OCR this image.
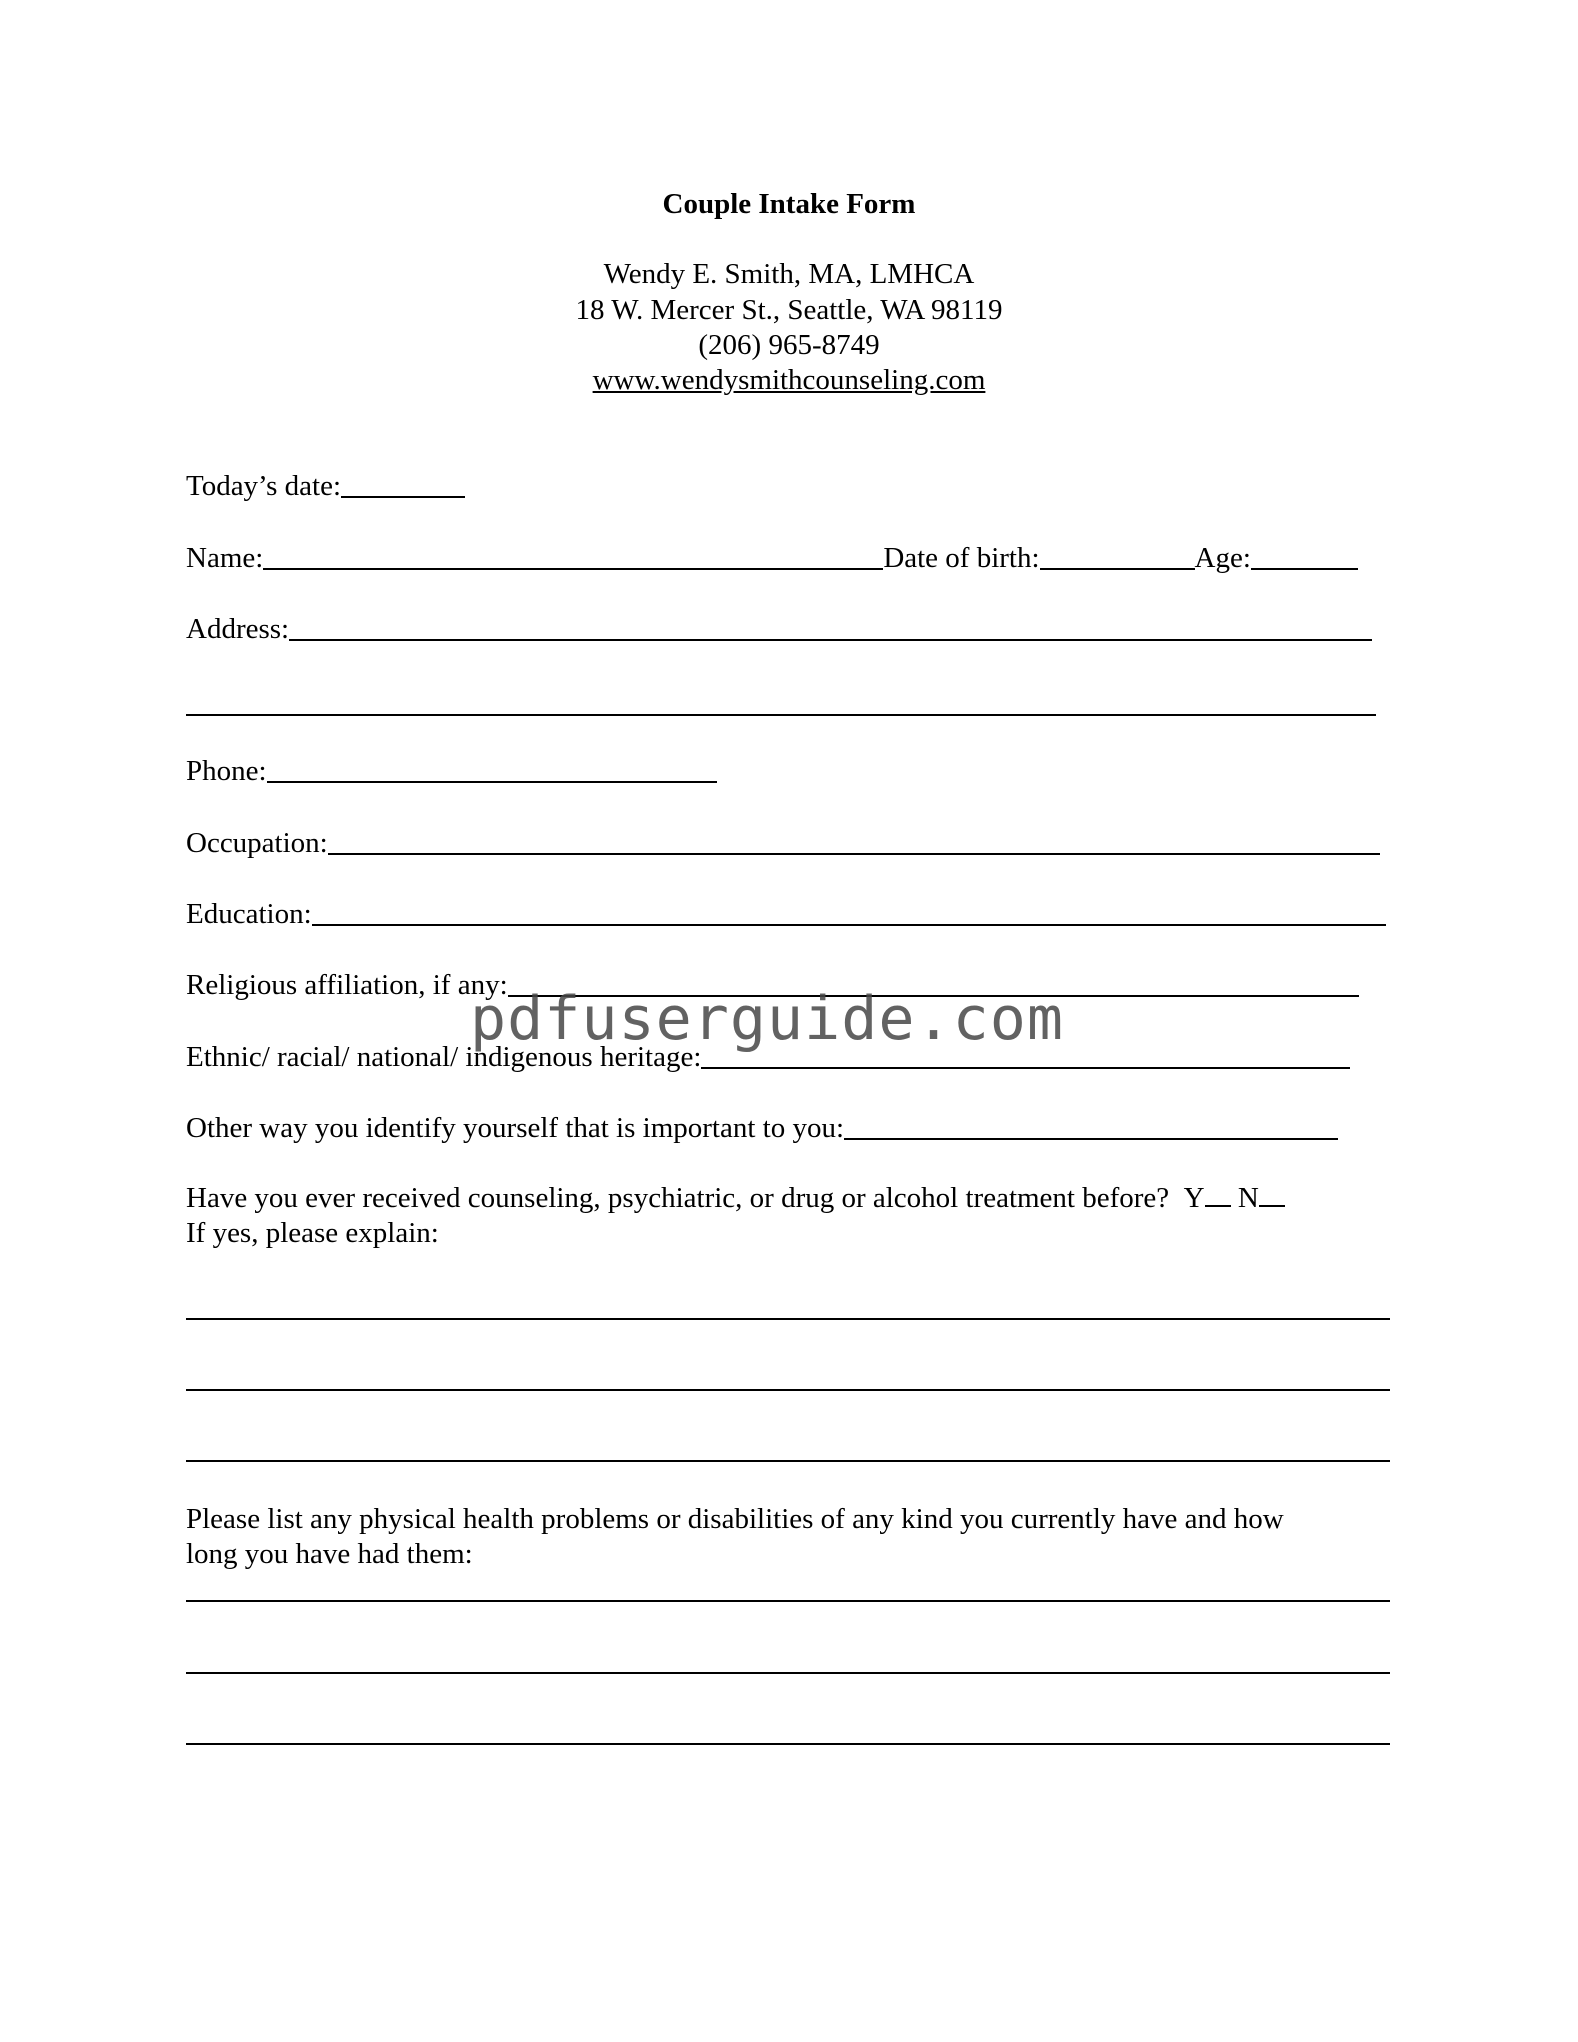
Couple Intake Form
Wendy E. Smith, MA, LMHCA
18 W. Mercer St., Seattle, WA 98119
(206) 965-8749
www.wendysmithcounseling.com
Today’s date:
Name:	Date of birth:	Age:
Address:
Phone:
Occupation:
Education:
Religious affiliation, if any:
Ethnic/ racial/ national/ indigenous heritage:
Other way you identify yourself that is important to you:
Have you ever received counseling, psychiatric, or drug or alcohol treatment before? Y N
If yes, please explain:
Please list any physical health problems or disabilities of any kind you currently have and how
long you have had them:
pdfuserguide.com
